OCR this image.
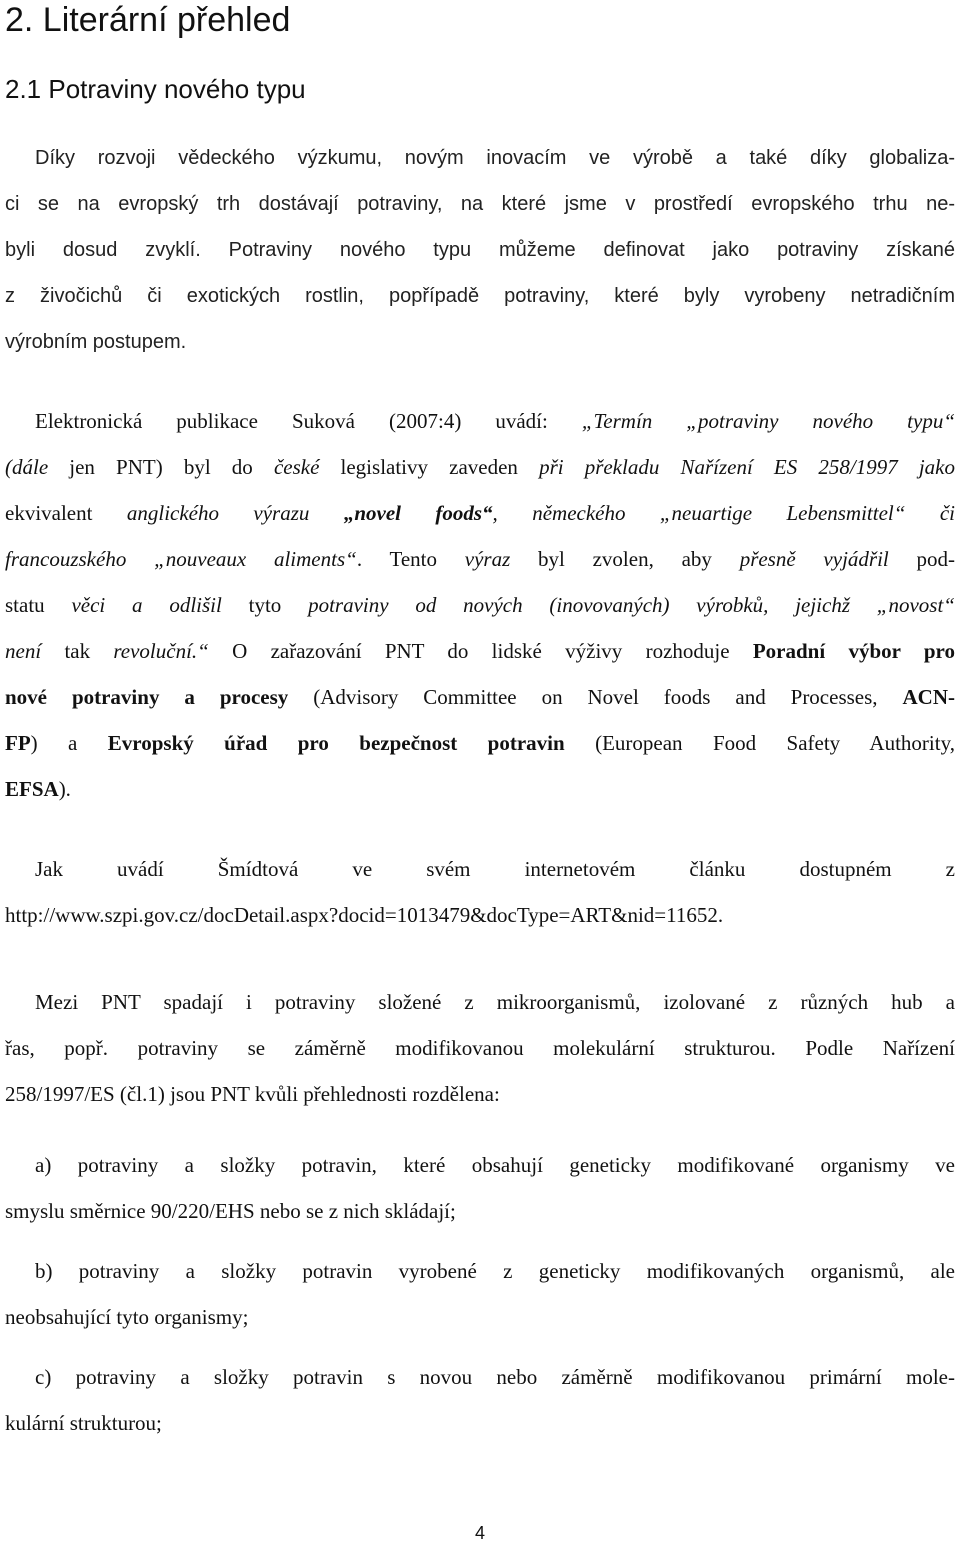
2. Literární přehled
2.1 Potraviny nového typu
Díky rozvoji vědeckého výzkumu, novým inovacím ve výrobě a také díky globaliza-
ci se na evropský trh dostávají potraviny, na které jsme v prostředí evropského trhu ne-
byli dosud zvyklí. Potraviny nového typu můžeme definovat jako potraviny získané
z živočichů či exotických rostlin, popřípadě potraviny, které byly vyrobeny netradičním
výrobním postupem.
Elektronická publikace Suková (2007:4) uvádí: „Termín „potraviny nového typu“
(dále jen PNT) byl do české legislativy zaveden při překladu Nařízení ES 258/1997 jako
ekvivalent anglického výrazu „novel foods“, německého „neuartige Lebensmittel“ či
francouzského „nouveaux aliments“. Tento výraz byl zvolen, aby přesně vyjádřil pod-
statu věci a odlišil tyto potraviny od nových (inovovaných) výrobků, jejichž „novost“
není tak revoluční.“ O zařazování PNT do lidské výživy rozhoduje Poradní výbor pro
nové potraviny a procesy (Advisory Committee on Novel foods and Processes, ACN-
FP) a Evropský úřad pro bezpečnost potravin (European Food Safety Authority,
EFSA).
Jak uvádí Šmídtová ve svém internetovém článku dostupném z
http://www.szpi.gov.cz/docDetail.aspx?docid=1013479&docType=ART&nid=11652.
Mezi PNT spadají i potraviny složené z mikroorganismů, izolované z různých hub a
řas, popř. potraviny se záměrně modifikovanou molekulární strukturou. Podle Nařízení
258/1997/ES (čl.1) jsou PNT kvůli přehlednosti rozdělena:
a) potraviny a složky potravin, které obsahují geneticky modifikované organismy ve
smyslu směrnice 90/220/EHS nebo se z nich skládají;
b) potraviny a složky potravin vyrobené z geneticky modifikovaných organismů, ale
neobsahující tyto organismy;
c) potraviny a složky potravin s novou nebo záměrně modifikovanou primární mole-
kulární strukturou;
4
